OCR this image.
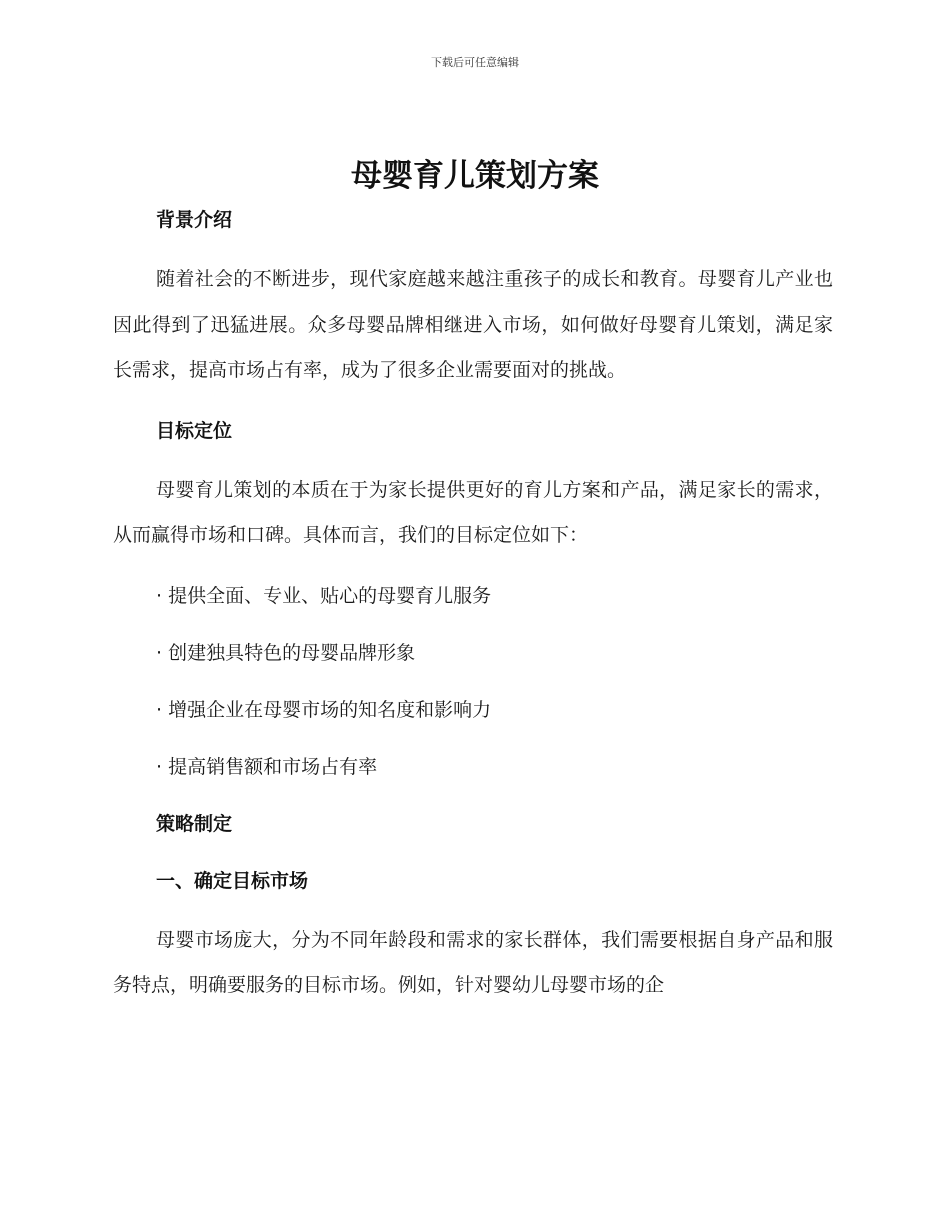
下载后可任意编辑
母婴育儿策划方案

背景介绍

随着社会的不断进步，现代家庭越来越注重孩子的成长和教育。母婴育儿产业也因此得到了迅猛进展。众多母婴品牌相继进入市场，如何做好母婴育儿策划，满足家长需求，提高市场占有率，成为了很多企业需要面对的挑战。

目标定位

母婴育儿策划的本质在于为家长提供更好的育儿方案和产品，满足家长的需求，从而赢得市场和口碑。具体而言，我们的目标定位如下：

· 提供全面、专业、贴心的母婴育儿服务

· 创建独具特色的母婴品牌形象

· 增强企业在母婴市场的知名度和影响力

· 提高销售额和市场占有率

策略制定

一、确定目标市场

母婴市场庞大，分为不同年龄段和需求的家长群体，我们需要根据自身产品和服务特点，明确要服务的目标市场。例如，针对婴幼儿母婴市场的企
